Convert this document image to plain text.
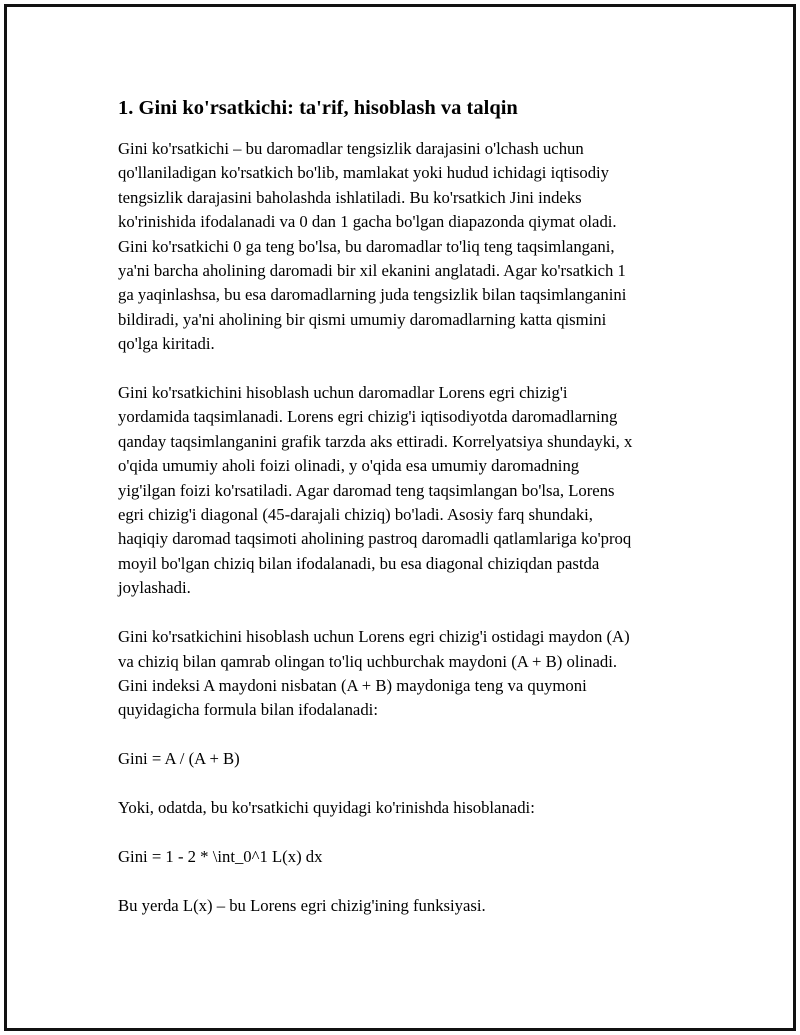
1. Gini ko'rsatkichi: ta'rif, hisoblash va talqin

Gini ko'rsatkichi – bu daromadlar tengsizlik darajasini o'lchash uchun
qo'llaniladigan ko'rsatkich bo'lib, mamlakat yoki hudud ichidagi iqtisodiy
tengsizlik darajasini baholashda ishlatiladi. Bu ko'rsatkich Jini indeks
ko'rinishida ifodalanadi va 0 dan 1 gacha bo'lgan diapazonda qiymat oladi.
Gini ko'rsatkichi 0 ga teng bo'lsa, bu daromadlar to'liq teng taqsimlangani,
ya'ni barcha aholining daromadi bir xil ekanini anglatadi. Agar ko'rsatkich 1
ga yaqinlashsa, bu esa daromadlarning juda tengsizlik bilan taqsimlanganini
bildiradi, ya'ni aholining bir qismi umumiy daromadlarning katta qismini
qo'lga kiritadi.

Gini ko'rsatkichini hisoblash uchun daromadlar Lorens egri chizig'i
yordamida taqsimlanadi. Lorens egri chizig'i iqtisodiyotda daromadlarning
qanday taqsimlanganini grafik tarzda aks ettiradi. Korrelyatsiya shundayki, x
o'qida umumiy aholi foizi olinadi, y o'qida esa umumiy daromadning
yig'ilgan foizi ko'rsatiladi. Agar daromad teng taqsimlangan bo'lsa, Lorens
egri chizig'i diagonal (45-darajali chiziq) bo'ladi. Asosiy farq shundaki,
haqiqiy daromad taqsimoti aholining pastroq daromadli qatlamlariga ko'proq
moyil bo'lgan chiziq bilan ifodalanadi, bu esa diagonal chiziqdan pastda
joylashadi.

Gini ko'rsatkichini hisoblash uchun Lorens egri chizig'i ostidagi maydon (A)
va chiziq bilan qamrab olingan to'liq uchburchak maydoni (A + B) olinadi.
Gini indeksi A maydoni nisbatan (A + B) maydoniga teng va quymoni
quyidagicha formula bilan ifodalanadi:

Gini = A / (A + B)

Yoki, odatda, bu ko'rsatkichi quyidagi ko'rinishda hisoblanadi:

Gini = 1 - 2 * \int_0^1 L(x) dx

Bu yerda L(x) – bu Lorens egri chizig'ining funksiyasi.
